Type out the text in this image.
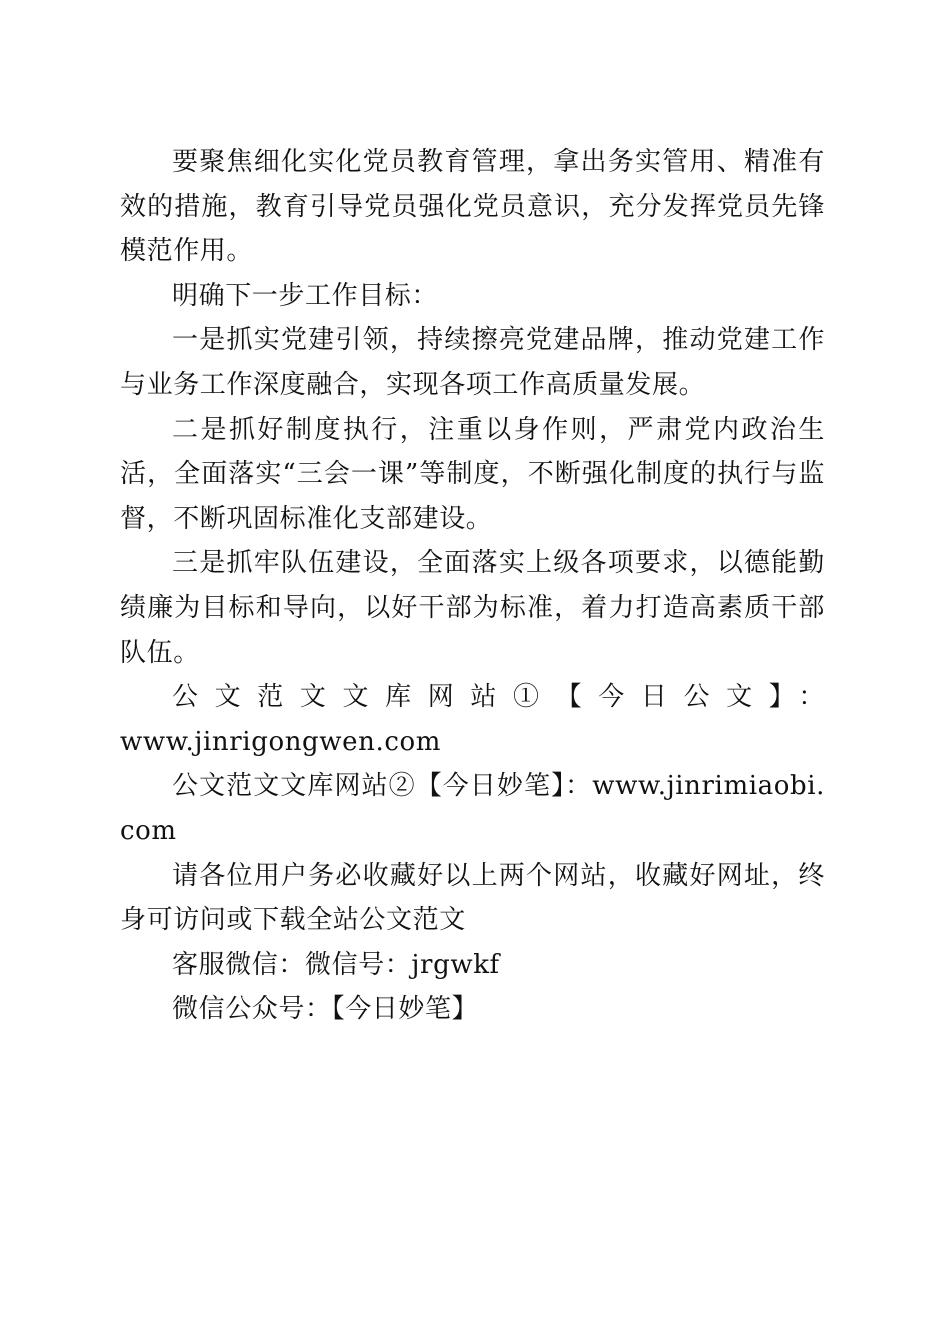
要聚焦细化实化党员教育管理，拿出务实管用、精准有效的措施，教育引导党员强化党员意识，充分发挥党员先锋模范作用。

明确下一步工作目标：

一是抓实党建引领，持续擦亮党建品牌，推动党建工作与业务工作深度融合，实现各项工作高质量发展。

二是抓好制度执行，注重以身作则，严肃党内政治生活，全面落实“三会一课”等制度，不断强化制度的执行与监督，不断巩固标准化支部建设。

三是抓牢队伍建设，全面落实上级各项要求，以德能勤绩廉为目标和导向，以好干部为标准，着力打造高素质干部队伍。

公文范文文库网站①【今日公文】：

www.jinrigongwen.com

公文范文文库网站②【今日妙笔】：www.jinrimiaobi.com

请各位用户务必收藏好以上两个网站，收藏好网址，终身可访问或下载全站公文范文

客服微信：微信号：jrgwkf

微信公众号：【今日妙笔】
